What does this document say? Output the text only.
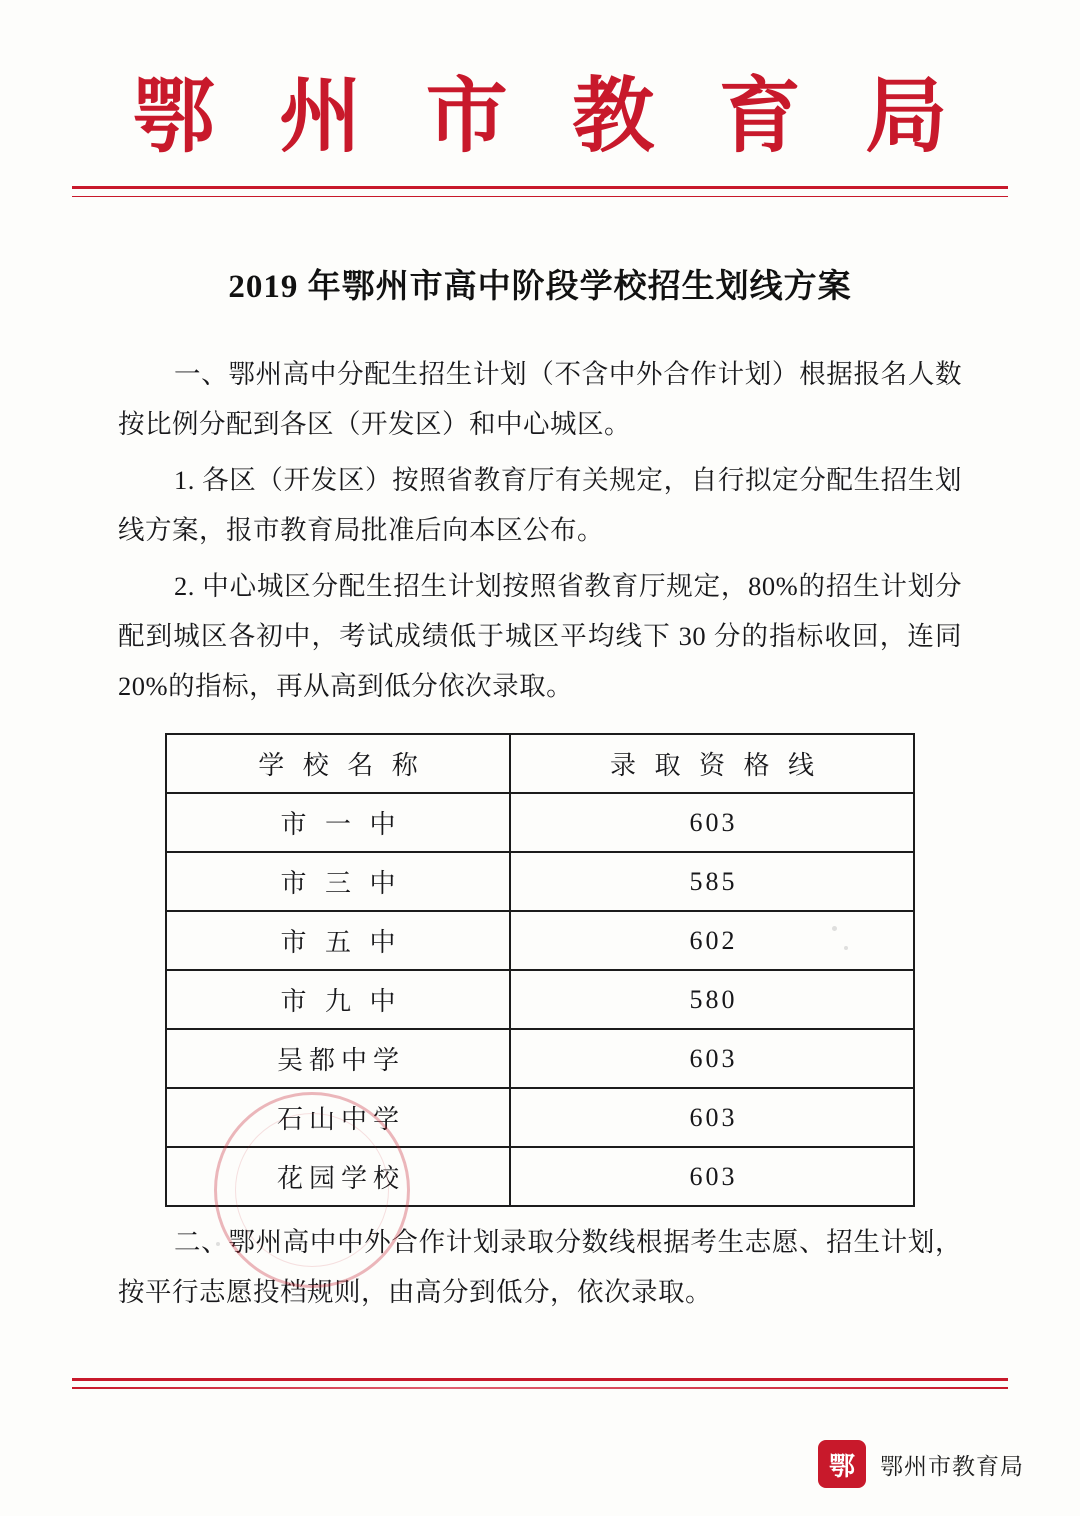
鄂 州 市 教 育 局
2019 年鄂州市高中阶段学校招生划线方案

一、鄂州高中分配生招生计划（不含中外合作计划）根据报名人数按比例分配到各区（开发区）和中心城区。

1. 各区（开发区）按照省教育厅有关规定，自行拟定分配生招生划线方案，报市教育局批准后向本区公布。

2. 中心城区分配生招生计划按照省教育厅规定，80%的招生计划分配到城区各初中，考试成绩低于城区平均线下 30 分的指标收回，连同 20%的指标，再从高到低分依次录取。

学 校 名 称	录 取 资 格 线
市 一 中	603
市 三 中	585
市 五 中	602
市 九 中	580
吴都中学	603
石山中学	603
花园学校	603

二、鄂州高中中外合作计划录取分数线根据考生志愿、招生计划，按平行志愿投档规则，由高分到低分，依次录取。

鄂	鄂州市教育局
